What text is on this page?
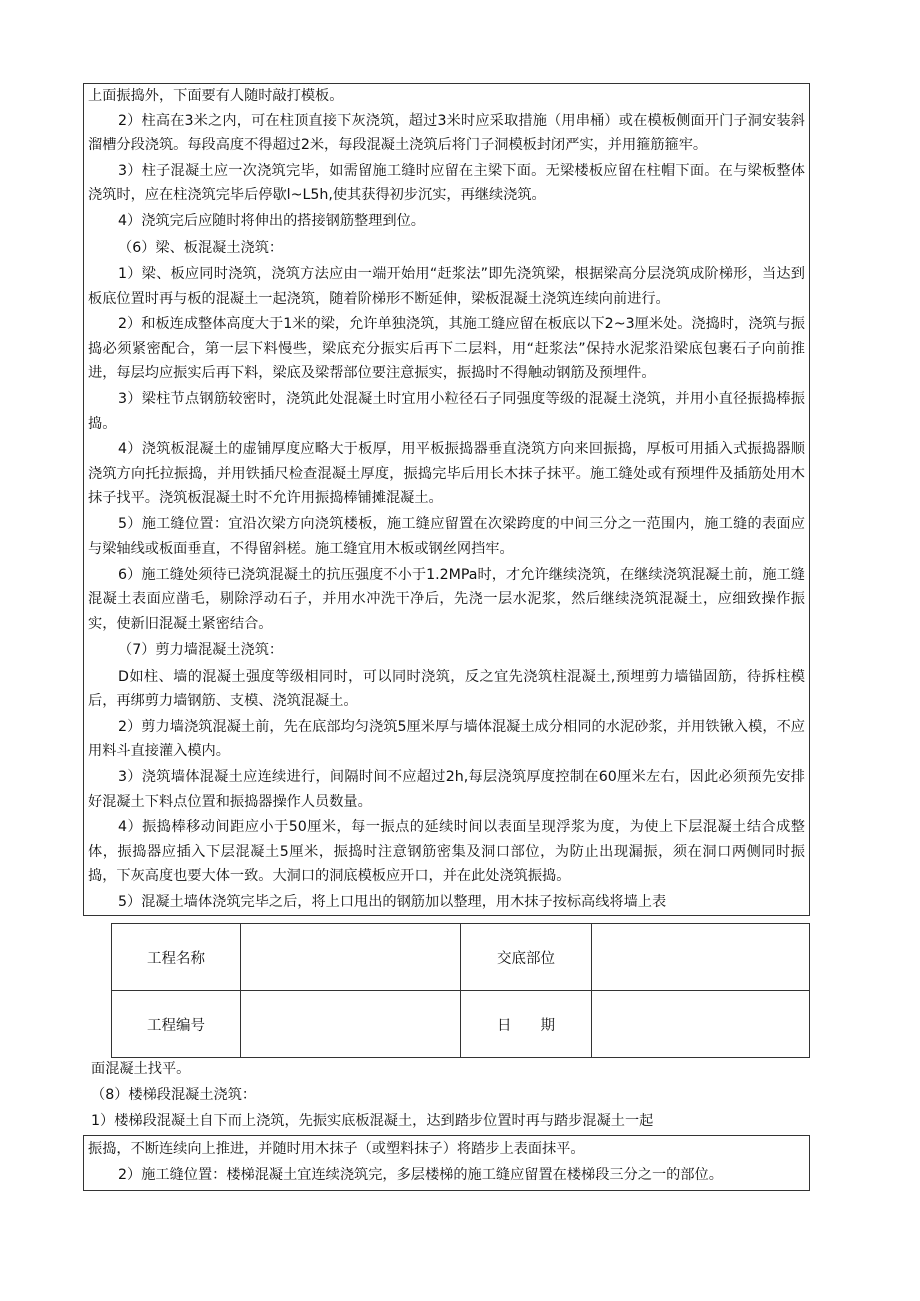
上面振捣外，下面要有人随时敲打模板。

2）柱高在3米之内，可在柱顶直接下灰浇筑，超过3米时应采取措施（用串桶）或在模板侧面开门子洞安装斜溜槽分段浇筑。每段高度不得超过2米，每段混凝土浇筑后将门子洞模板封闭严实，并用箍筋箍牢。

3）柱子混凝土应一次浇筑完毕，如需留施工缝时应留在主梁下面。无梁楼板应留在柱帽下面。在与梁板整体浇筑时，应在柱浇筑完毕后停歇l~L5h,使其获得初步沉实，再继续浇筑。

4）浇筑完后应随时将伸出的搭接钢筋整理到位。

（6）梁、板混凝土浇筑：

1）梁、板应同时浇筑，浇筑方法应由一端开始用“赶浆法”即先浇筑梁，根据梁高分层浇筑成阶梯形，当达到板底位置时再与板的混凝土一起浇筑，随着阶梯形不断延伸，梁板混凝土浇筑连续向前进行。

2）和板连成整体高度大于1米的梁，允许单独浇筑，其施工缝应留在板底以下2~3厘米处。浇捣时，浇筑与振捣必须紧密配合，第一层下料慢些，梁底充分振实后再下二层料，用“赶浆法”保持水泥浆沿梁底包裹石子向前推进，每层均应振实后再下料，梁底及梁帮部位要注意振实，振捣时不得触动钢筋及预埋件。

3）梁柱节点钢筋较密时，浇筑此处混凝土时宜用小粒径石子同强度等级的混凝土浇筑，并用小直径振捣棒振捣。

4）浇筑板混凝土的虚铺厚度应略大于板厚，用平板振捣器垂直浇筑方向来回振捣，厚板可用插入式振捣器顺浇筑方向托拉振捣，并用铁插尺检查混凝土厚度，振捣完毕后用长木抹子抹平。施工缝处或有预埋件及插筋处用木抹子找平。浇筑板混凝土时不允许用振捣棒铺摊混凝土。

5）施工缝位置：宜沿次梁方向浇筑楼板，施工缝应留置在次梁跨度的中间三分之一范围内，施工缝的表面应与梁轴线或板面垂直，不得留斜槎。施工缝宜用木板或钢丝网挡牢。

6）施工缝处须待已浇筑混凝土的抗压强度不小于1.2MPa时，才允许继续浇筑，在继续浇筑混凝土前，施工缝混凝土表面应凿毛，剔除浮动石子，并用水冲洗干净后，先浇一层水泥浆，然后继续浇筑混凝土，应细致操作振实，使新旧混凝土紧密结合。

（7）剪力墙混凝土浇筑：

D如柱、墙的混凝土强度等级相同时，可以同时浇筑，反之宜先浇筑柱混凝土,预埋剪力墙锚固筋，待拆柱模后，再绑剪力墙钢筋、支模、浇筑混凝土。

2）剪力墙浇筑混凝土前，先在底部均匀浇筑5厘米厚与墙体混凝土成分相同的水泥砂浆，并用铁锹入模，不应用料斗直接灌入模内。

3）浇筑墙体混凝土应连续进行，间隔时间不应超过2h,每层浇筑厚度控制在60厘米左右，因此必须预先安排好混凝土下料点位置和振捣器操作人员数量。

4）振捣棒移动间距应小于50厘米，每一振点的延续时间以表面呈现浮浆为度，为使上下层混凝土结合成整体，振捣器应插入下层混凝土5厘米，振捣时注意钢筋密集及洞口部位，为防止出现漏振，须在洞口两侧同时振捣，下灰高度也要大体一致。大洞口的洞底模板应开口，并在此处浇筑振捣。

5）混凝土墙体浇筑完毕之后，将上口甩出的钢筋加以整理，用木抹子按标高线将墙上表

工程名称		交底部位	
工程编号		日　　期	

面混凝土找平。

（8）楼梯段混凝土浇筑：

1）楼梯段混凝土自下而上浇筑，先振实底板混凝土，达到踏步位置时再与踏步混凝土一起

振捣，不断连续向上推进，并随时用木抹子（或塑料抹子）将踏步上表面抹平。

2）施工缝位置：楼梯混凝土宜连续浇筑完，多层楼梯的施工缝应留置在楼梯段三分之一的部位。
